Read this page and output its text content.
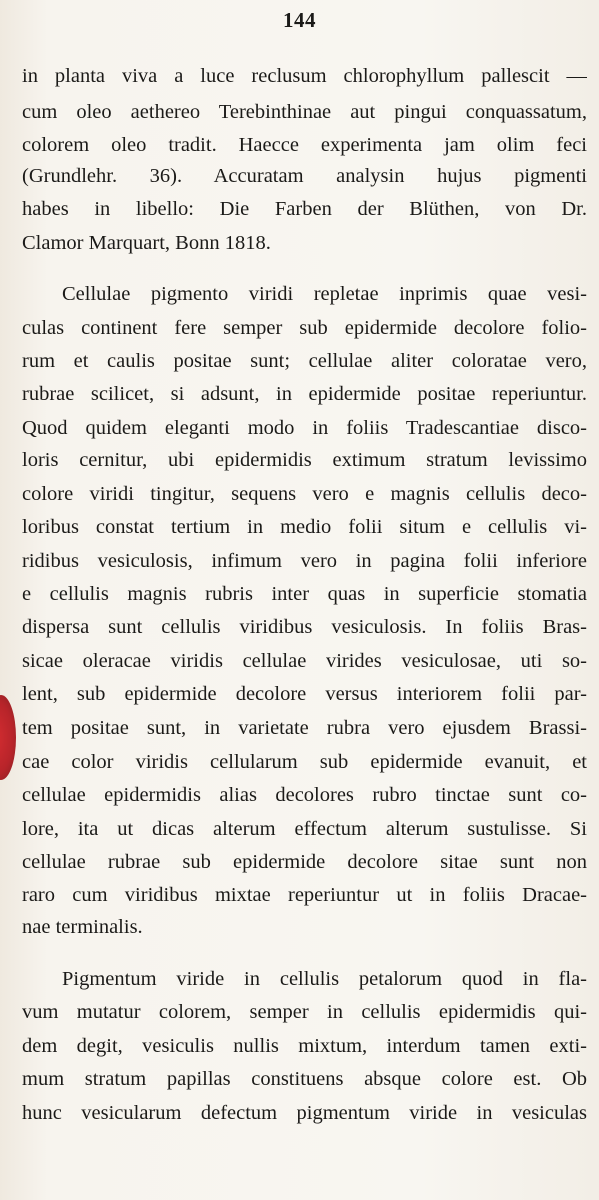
144
in planta viva a luce reclusum chlorophyllum pallescit —
cum oleo aethereo Terebinthinae aut pingui conquassatum,
colorem oleo tradit. Haecce experimenta jam olim feci
(Grundlehr. 36). Accuratam analysin hujus pigmenti
habes in libello: Die Farben der Blüthen, von Dr.
Clamor Marquart, Bonn 1818.
Cellulae pigmento viridi repletae inprimis quae vesi-
culas continent fere semper sub epidermide decolore folio-
rum et caulis positae sunt; cellulae aliter coloratae vero,
rubrae scilicet, si adsunt, in epidermide positae reperiuntur.
Quod quidem eleganti modo in foliis Tradescantiae disco-
loris cernitur, ubi epidermidis extimum stratum levissimo
colore viridi tingitur, sequens vero e magnis cellulis deco-
loribus constat tertium in medio folii situm e cellulis vi-
ridibus vesiculosis, infimum vero in pagina folii inferiore
e cellulis magnis rubris inter quas in superficie stomatia
dispersa sunt cellulis viridibus vesiculosis. In foliis Bras-
sicae oleracae viridis cellulae virides vesiculosae, uti so-
lent, sub epidermide decolore versus interiorem folii par-
tem positae sunt, in varietate rubra vero ejusdem Brassi-
cae color viridis cellularum sub epidermide evanuit, et
cellulae epidermidis alias decolores rubro tinctae sunt co-
lore, ita ut dicas alterum effectum alterum sustulisse. Si
cellulae rubrae sub epidermide decolore sitae sunt non
raro cum viridibus mixtae reperiuntur ut in foliis Dracae-
nae terminalis.
Pigmentum viride in cellulis petalorum quod in fla-
vum mutatur colorem, semper in cellulis epidermidis qui-
dem degit, vesiculis nullis mixtum, interdum tamen exti-
mum stratum papillas constituens absque colore est. Ob
hunc vesicularum defectum pigmentum viride in vesiculas
